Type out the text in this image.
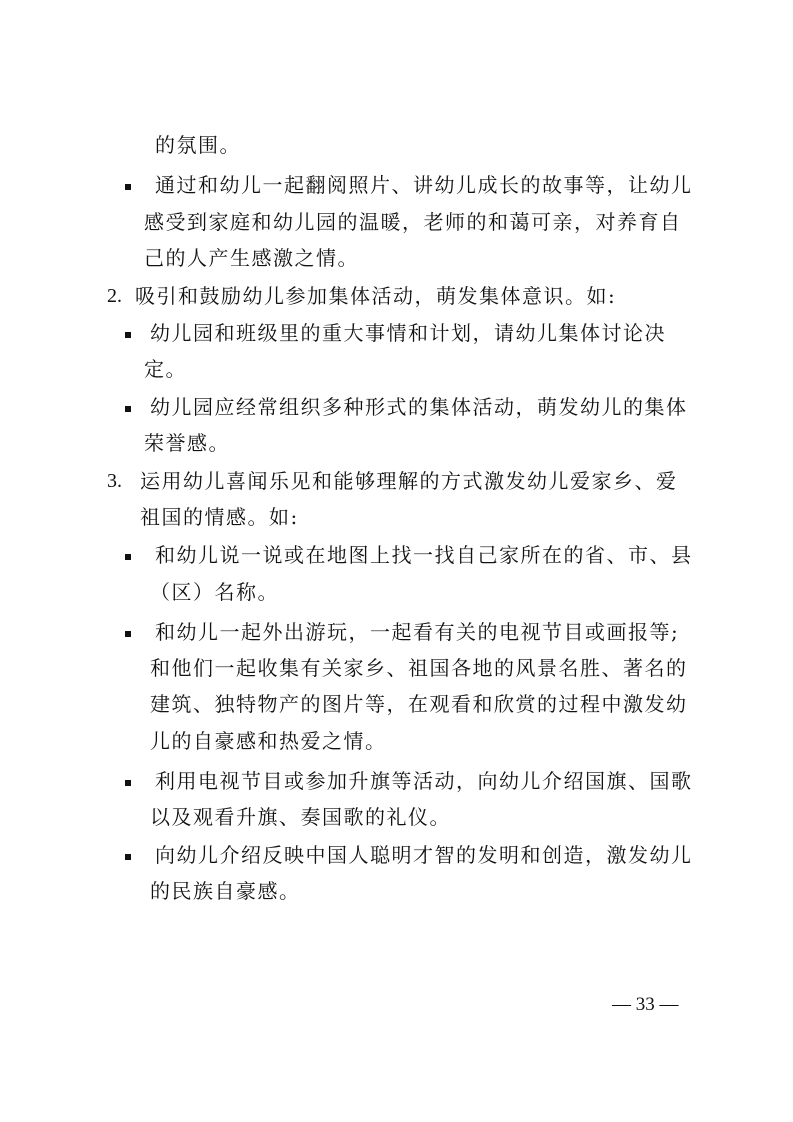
的氛围。
通过和幼儿一起翻阅照片、讲幼儿成长的故事等，让幼儿
感受到家庭和幼儿园的温暖，老师的和蔼可亲，对养育自
己的人产生感激之情。
2. 吸引和鼓励幼儿参加集体活动，萌发集体意识。如:
幼儿园和班级里的重大事情和计划，请幼儿集体讨论决
定。
幼儿园应经常组织多种形式的集体活动，萌发幼儿的集体
荣誉感。
3. 运用幼儿喜闻乐见和能够理解的方式激发幼儿爱家乡、爱
祖国的情感。如:
和幼儿说一说或在地图上找一找自己家所在的省、市、县
（区）名称。
和幼儿一起外出游玩，一起看有关的电视节目或画报等;
和他们一起收集有关家乡、祖国各地的风景名胜、著名的
建筑、独特物产的图片等，在观看和欣赏的过程中激发幼
儿的自豪感和热爱之情。
利用电视节目或参加升旗等活动，向幼儿介绍国旗、国歌
以及观看升旗、奏国歌的礼仪。
向幼儿介绍反映中国人聪明才智的发明和创造，激发幼儿
的民族自豪感。
— 33 —
